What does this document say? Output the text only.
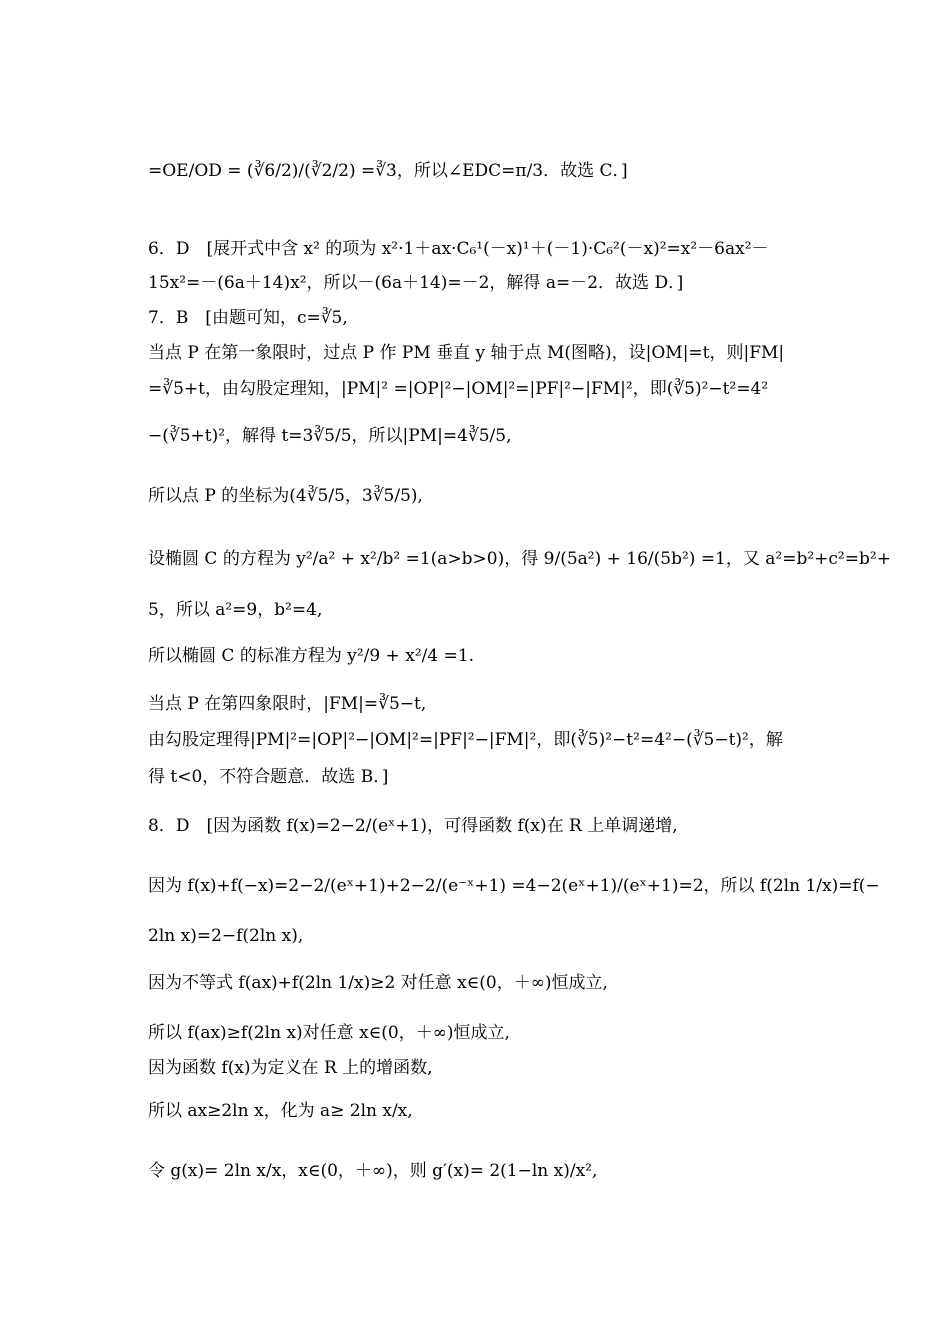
=OE/OD = (∛6/2)/(∛2/2) =∛3，所以∠EDC=π/3．故选 C．]
6．D　[展开式中含 x² 的项为 x²·1＋ax·C₆¹(－x)¹＋(－1)·C₆²(－x)²=x²－6ax²－
15x²=－(6a＋14)x²，所以－(6a＋14)=－2，解得 a=－2．故选 D．]
7．B　[由题可知，c=∛5,
当点 P 在第一象限时，过点 P 作 PM 垂直 y 轴于点 M(图略)，设|OM|=t，则|FM|
=∛5+t，由勾股定理知，|PM|² =|OP|²−|OM|²=|PF|²−|FM|²，即(∛5)²−t²=4²
−(∛5+t)²，解得 t=3∛5/5，所以|PM|=4∛5/5,
所以点 P 的坐标为(4∛5/5，3∛5/5),
设椭圆 C 的方程为 y²/a² + x²/b² =1(a>b>0)，得 9/(5a²) + 16/(5b²) =1，又 a²=b²+c²=b²+
5，所以 a²=9，b²=4,
所以椭圆 C 的标准方程为 y²/9 + x²/4 =1.
当点 P 在第四象限时，|FM|=∛5−t,
由勾股定理得|PM|²=|OP|²−|OM|²=|PF|²−|FM|²，即(∛5)²−t²=4²−(∛5−t)²，解
得 t<0，不符合题意．故选 B．]
8．D　[因为函数 f(x)=2−2/(eˣ+1)，可得函数 f(x)在 R 上单调递增,
因为 f(x)+f(−x)=2−2/(eˣ+1)+2−2/(e⁻ˣ+1) =4−2(eˣ+1)/(eˣ+1)=2，所以 f(2ln 1/x)=f(−
2ln x)=2−f(2ln x),
因为不等式 f(ax)+f(2ln 1/x)≥2 对任意 x∈(0，＋∞)恒成立,
所以 f(ax)≥f(2ln x)对任意 x∈(0，＋∞)恒成立,
因为函数 f(x)为定义在 R 上的增函数,
所以 ax≥2ln x，化为 a≥ 2ln x/x,
令 g(x)= 2ln x/x，x∈(0，＋∞)，则 g′(x)= 2(1−ln x)/x²,
